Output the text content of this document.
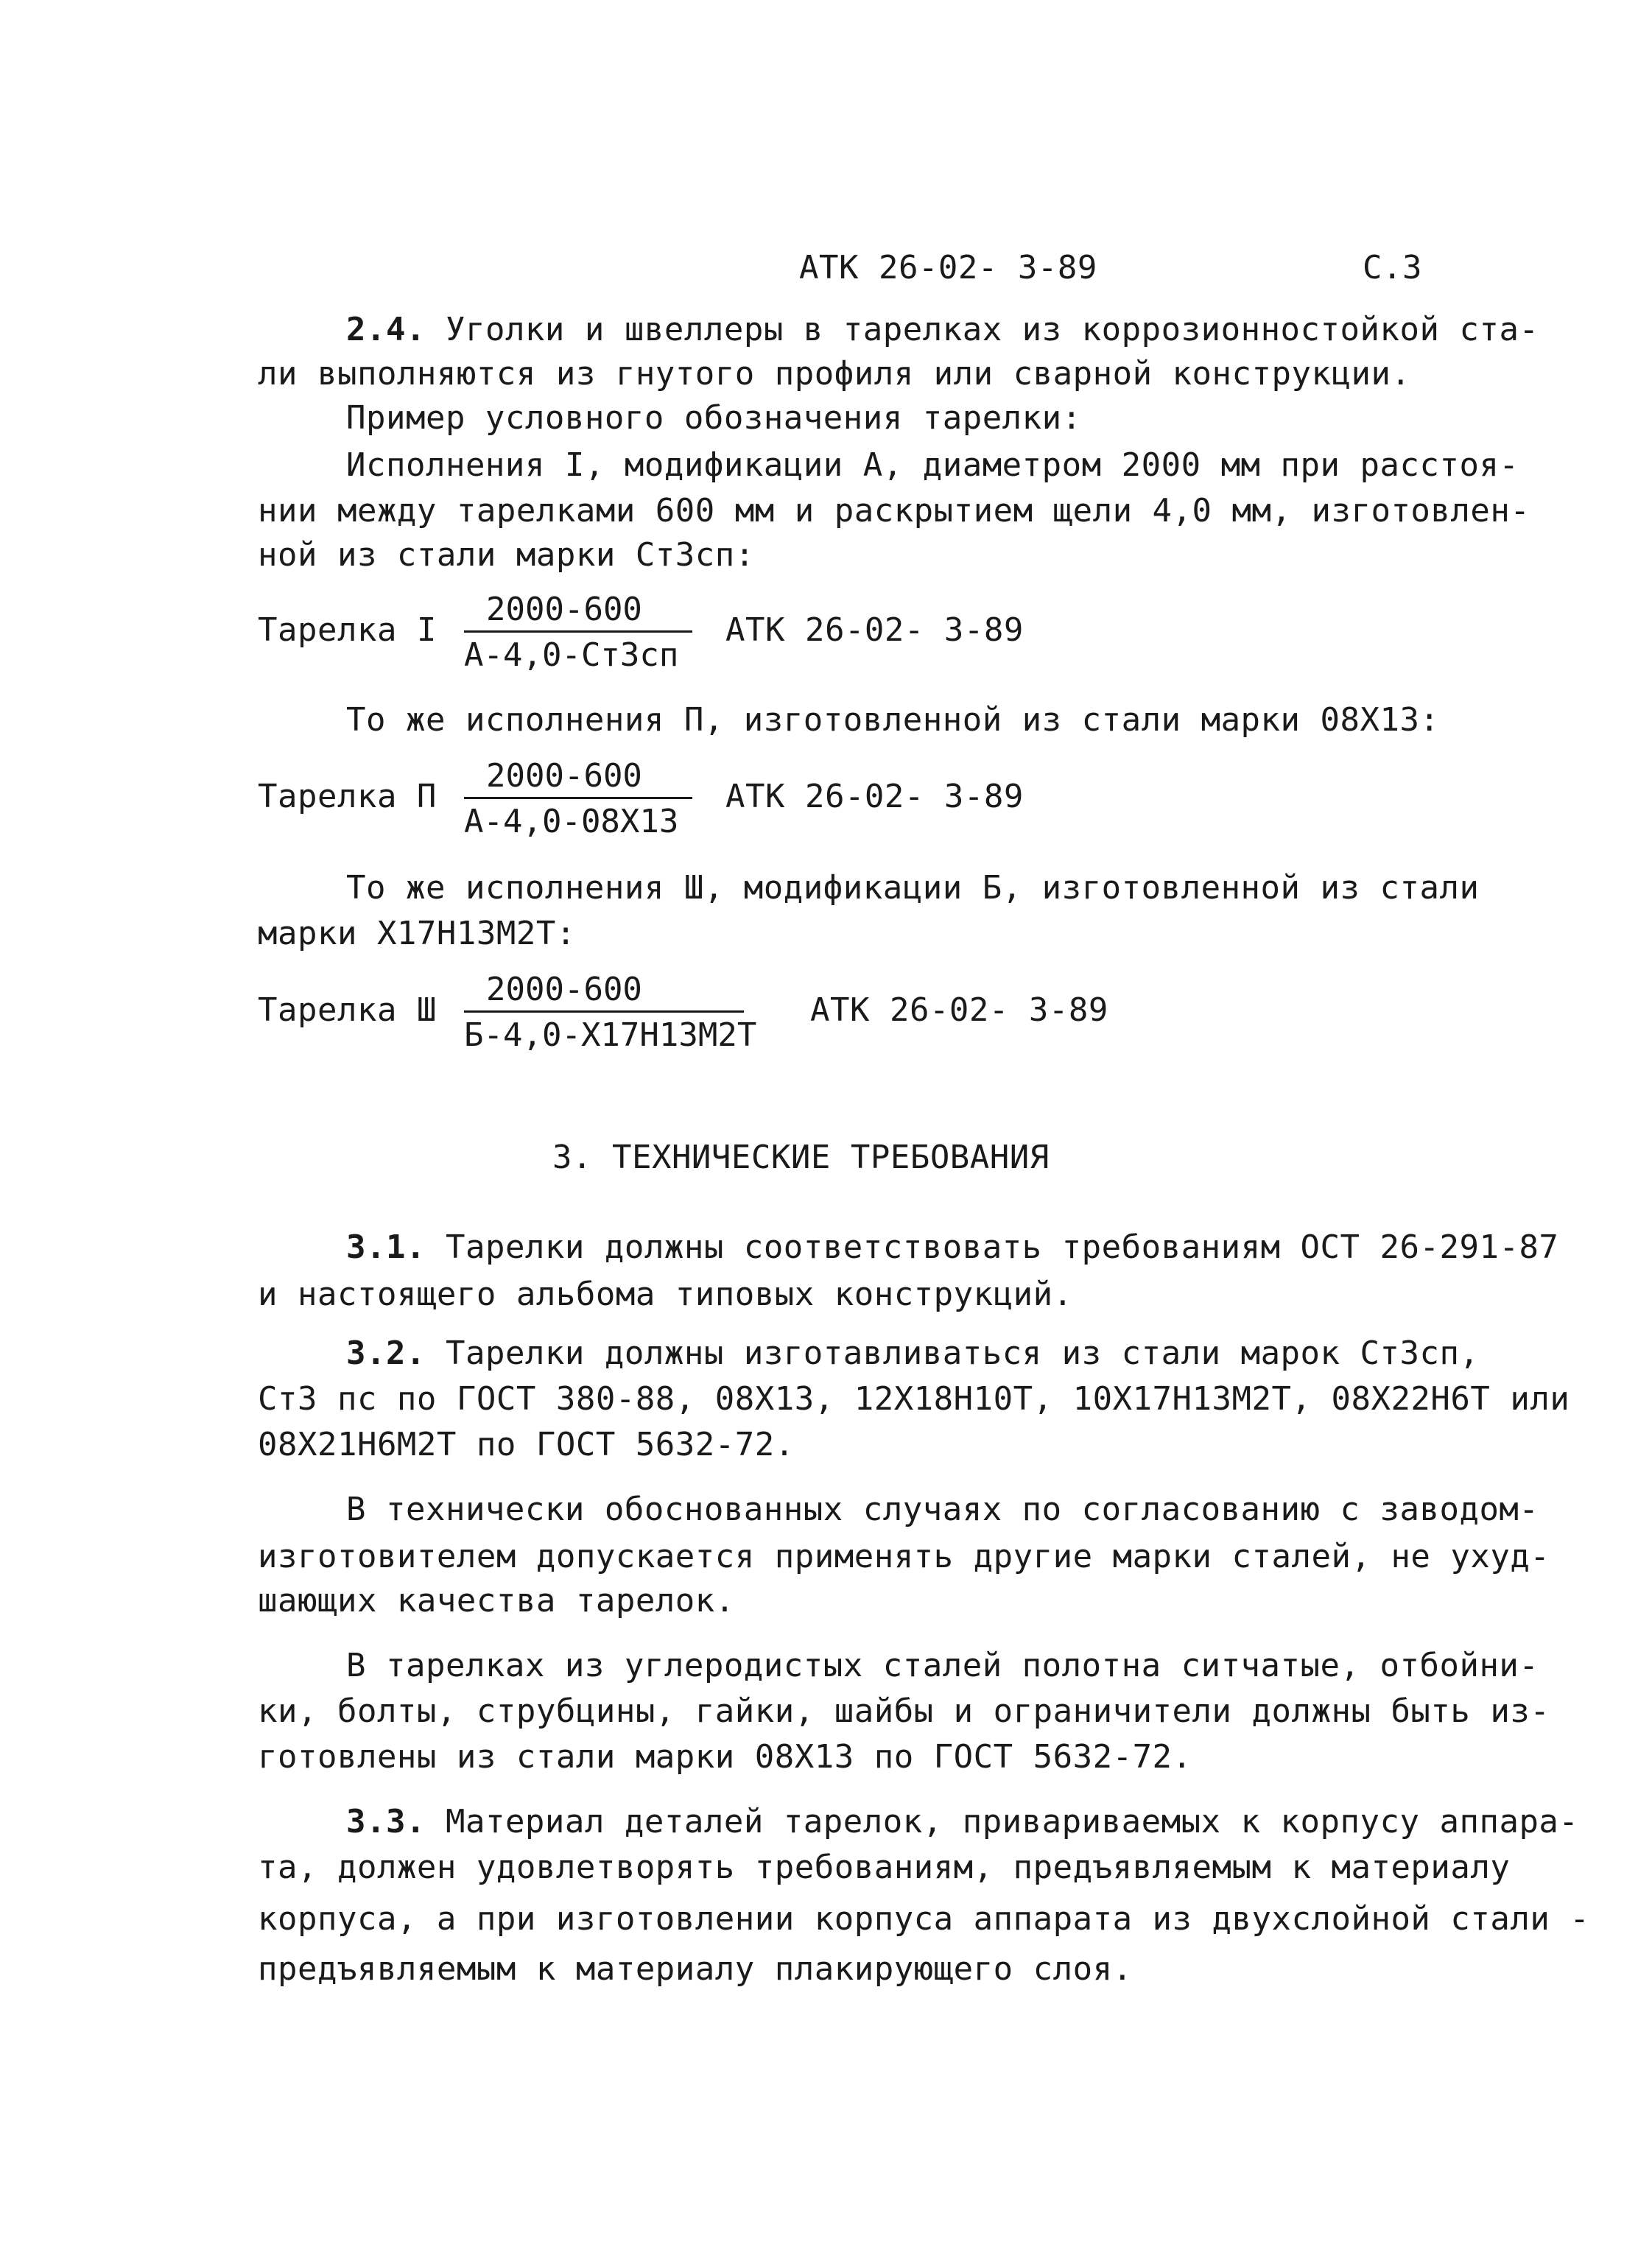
АТК 26-02- 3-89	С.3
2.4. Уголки и швеллеры в тарелках из коррозионностойкой ста-
ли выполняются из гнутого профиля или сварной конструкции.
Пример условного обозначения тарелки:
Исполнения I, модификации А, диаметром 2000 мм при расстоя-
нии между тарелками 600 мм и раскрытием щели 4,0 мм, изготовлен-
ной из стали марки Ст3сп:
Тарелка I
2000-600
А-4,0-Ст3сп
АТК 26-02- 3-89
То же исполнения П, изготовленной из стали марки 08Х13:
Тарелка П
2000-600
А-4,0-08Х13
АТК 26-02- 3-89
То же исполнения Ш, модификации Б, изготовленной из стали
марки Х17Н13М2Т:
Тарелка Ш
2000-600
Б-4,0-Х17Н13М2Т
АТК 26-02- 3-89
3. ТЕХНИЧЕСКИЕ ТРЕБОВАНИЯ
3.1. Тарелки должны соответствовать требованиям ОСТ 26-291-87
и настоящего альбома типовых конструкций.
3.2. Тарелки должны изготавливаться из стали марок Ст3сп,
Ст3 пс по ГОСТ 380-88, 08Х13, 12Х18Н10Т, 10Х17Н13М2Т, 08Х22Н6Т или
08Х21Н6М2Т по ГОСТ 5632-72.
В технически обоснованных случаях по согласованию с заводом-
изготовителем допускается применять другие марки сталей, не ухуд-
шающих качества тарелок.
В тарелках из углеродистых сталей полотна ситчатые, отбойни-
ки, болты, струбцины, гайки, шайбы и ограничители должны быть из-
готовлены из стали марки 08Х13 по ГОСТ 5632-72.
3.3. Материал деталей тарелок, привариваемых к корпусу аппара-
та, должен удовлетворять требованиям, предъявляемым к материалу
корпуса, а при изготовлении корпуса аппарата из двухслойной стали -
предъявляемым к материалу плакирующего слоя.
